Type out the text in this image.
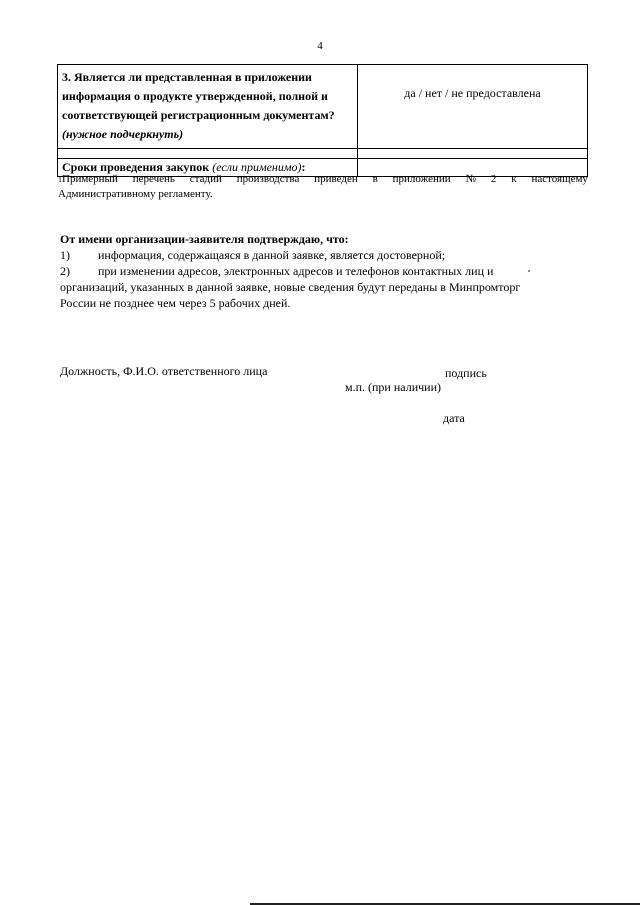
4
3. Является ли представленная в приложении
информация о продукте утвержденной, полной и
соответствующей регистрационным документам?
(нужное подчеркнуть)	да / нет / не предоставлена

Сроки проведения закупок (если применимо):	
$^1$Примерный перечень стадий производства приведен в приложении № 2 к настоящему
Административному регламенту.
От имени организации-заявителя подтверждаю, что:
1)	информация, содержащаяся в данной заявке, является достоверной;
2)	при изменении адресов, электронных адресов и телефонов контактных лиц и
организаций, указанных в данной заявке, новые сведения будут переданы в Минпромторг
России не позднее чем через 5 рабочих дней.
Должность, Ф.И.О. ответственного лица	подпись
м.п. (при наличии)
дата
